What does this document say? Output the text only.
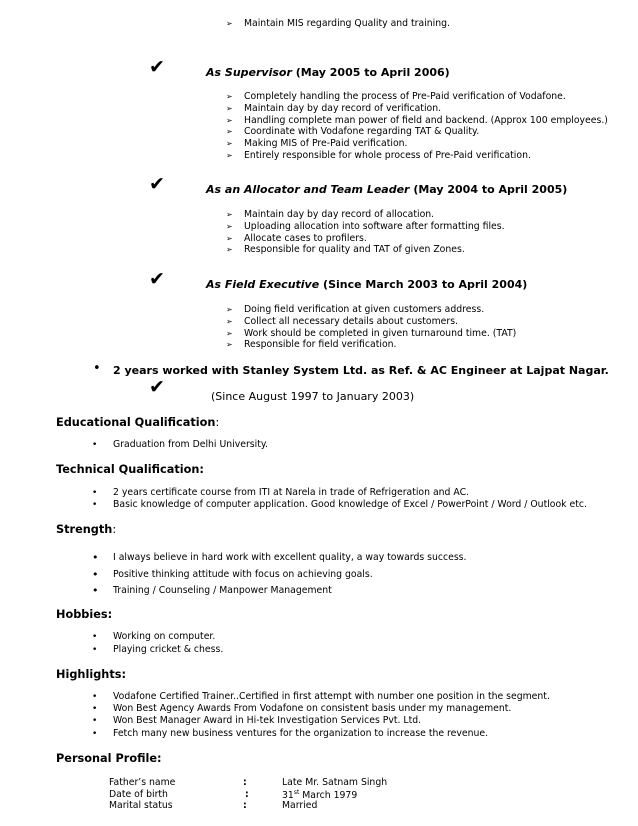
➢ Maintain MIS regarding Quality and training.
✔	As Supervisor (May 2005 to April 2006)
➢ Completely handling the process of Pre-Paid verification of Vodafone.
➢ Maintain day by day record of verification.
➢ Handling complete man power of field and backend. (Approx 100 employees.)
➢ Coordinate with Vodafone regarding TAT & Quality.
➢ Making MIS of Pre-Paid verification.
➢ Entirely responsible for whole process of Pre-Paid verification.
✔	As an Allocator and Team Leader (May 2004 to April 2005)
➢ Maintain day by day record of allocation.
➢ Uploading allocation into software after formatting files.
➢ Allocate cases to profilers.
➢ Responsible for quality and TAT of given Zones.
✔	As Field Executive (Since March 2003 to April 2004)
➢ Doing field verification at given customers address.
➢ Collect all necessary details about customers.
➢ Work should be completed in given turnaround time. (TAT)
➢ Responsible for field verification.
• 2 years worked with Stanley System Ltd. as Ref. & AC Engineer at Lajpat Nagar.
✔	(Since August 1997 to January 2003)
Educational Qualification:
• Graduation from Delhi University.
Technical Qualification:
• 2 years certificate course from ITI at Narela in trade of Refrigeration and AC.
• Basic knowledge of computer application. Good knowledge of Excel / PowerPoint / Word / Outlook etc.
Strength:
• I always believe in hard work with excellent quality, a way towards success.
• Positive thinking attitude with focus on achieving goals.
• Training / Counseling / Manpower Management
Hobbies:
• Working on computer.
• Playing cricket & chess.
Highlights:
• Vodafone Certified Trainer..Certified in first attempt with number one position in the segment.
• Won Best Agency Awards From Vodafone on consistent basis under my management.
• Won Best Manager Award in Hi-tek Investigation Services Pvt. Ltd.
• Fetch many new business ventures for the organization to increase the revenue.
Personal Profile:
Father’s name	:	Late Mr. Satnam Singh
Date of birth	:	31st March 1979
Marital status	:	Married
